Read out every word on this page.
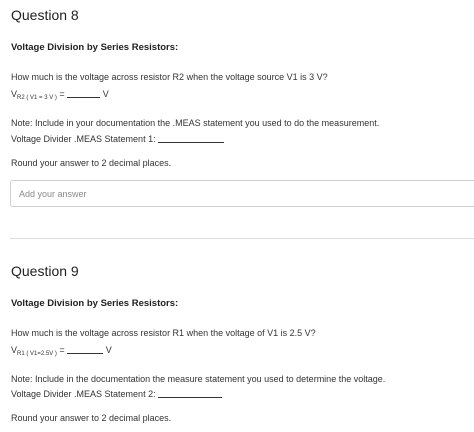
Question 8
Voltage Division by Series Resistors:
How much is the voltage across resistor R2 when the voltage source V1 is 3 V?
$V_{R2 ( V1 = 3 V )}$ =	V
Note: Include in your documentation the .MEAS statement you used to do the measurement.
Voltage Divider .MEAS Statement 1:
Round your answer to 2 decimal places.
Add your answer
Question 9
Voltage Division by Series Resistors:
How much is the voltage across resistor R1 when the voltage of V1 is 2.5 V?
$V_{R1 ( V1=2.5V )}$ =	V
Note: Include in the documentation the measure statement you used to determine the voltage.
Voltage Divider .MEAS Statement 2:
Round your answer to 2 decimal places.
